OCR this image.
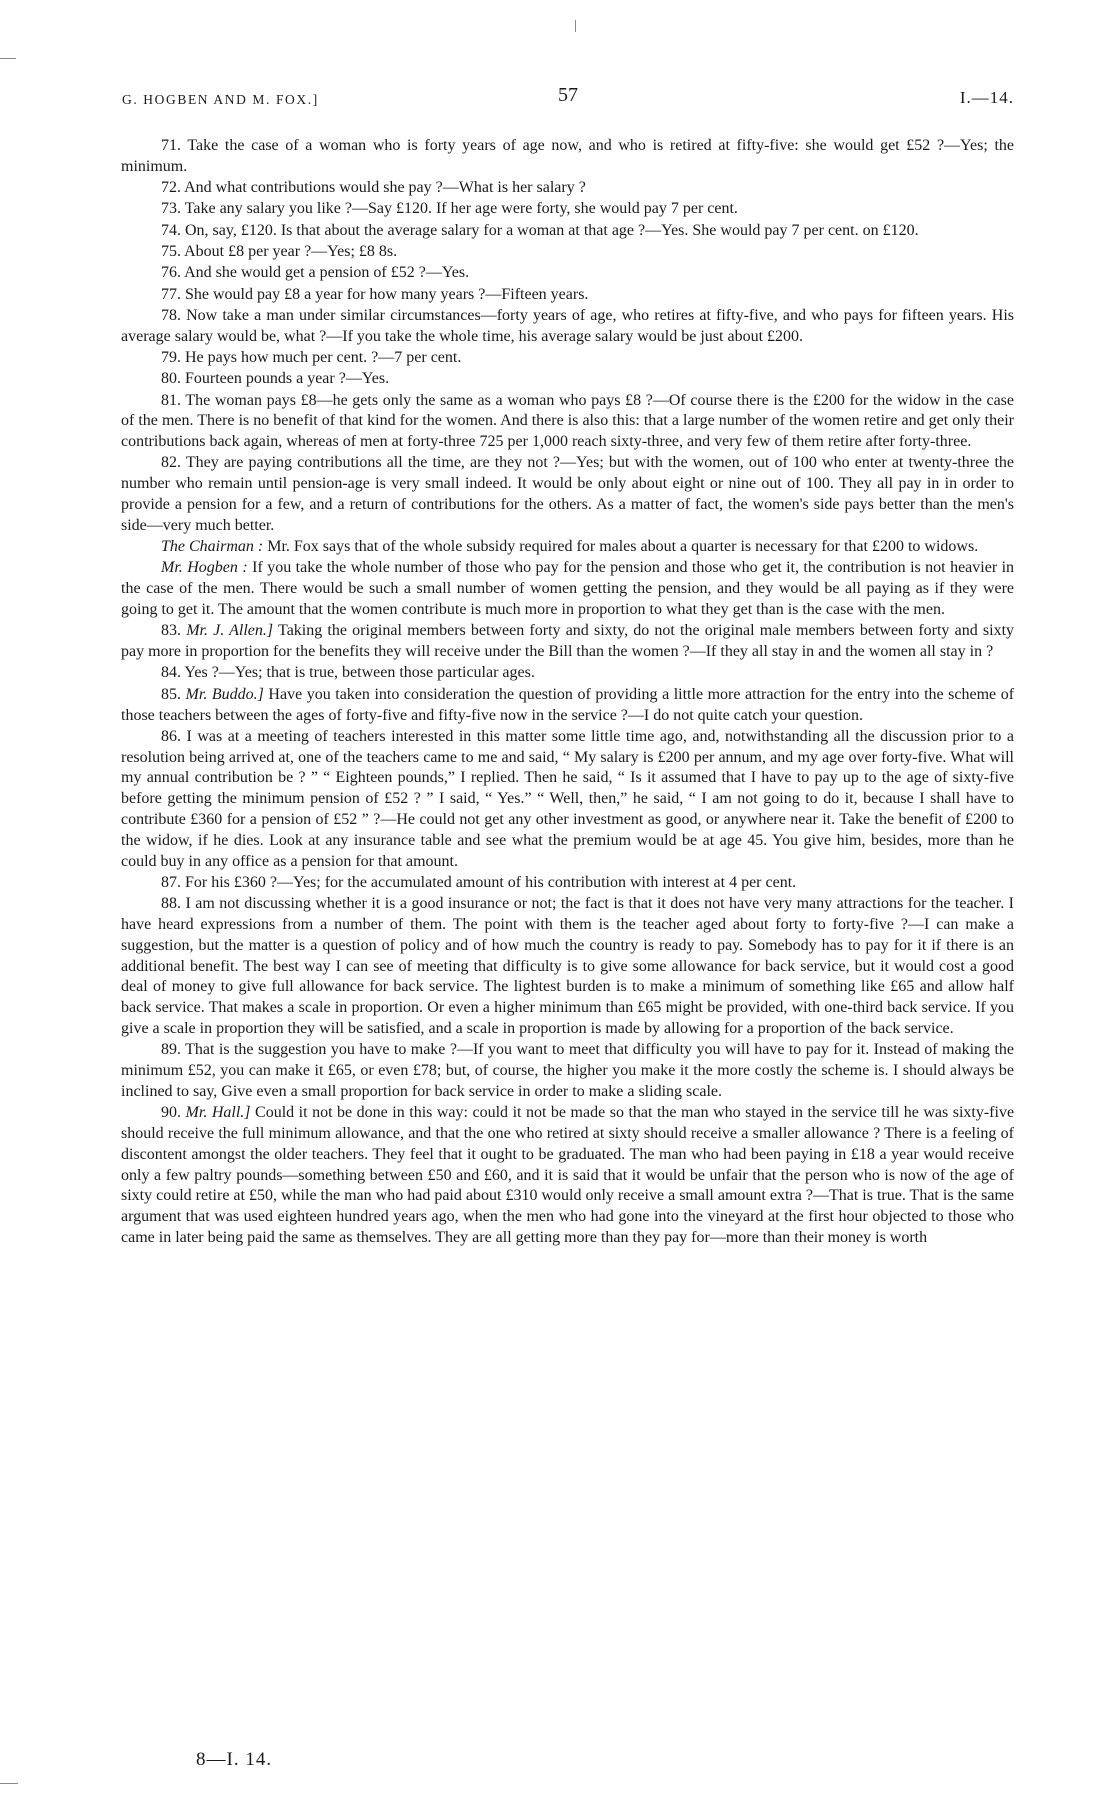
G. HOGBEN AND M. FOX.]	57	I.—14.

71. Take the case of a woman who is forty years of age now, and who is retired at fifty-five: she would get £52 ?—Yes; the minimum.

72. And what contributions would she pay ?—What is her salary ?

73. Take any salary you like ?—Say £120. If her age were forty, she would pay 7 per cent.

74. On, say, £120. Is that about the average salary for a woman at that age ?—Yes. She would pay 7 per cent. on £120.

75. About £8 per year ?—Yes; £8 8s.

76. And she would get a pension of £52 ?—Yes.

77. She would pay £8 a year for how many years ?—Fifteen years.

78. Now take a man under similar circumstances—forty years of age, who retires at fifty-five, and who pays for fifteen years. His average salary would be, what ?—If you take the whole time, his average salary would be just about £200.

79. He pays how much per cent. ?—7 per cent.

80. Fourteen pounds a year ?—Yes.

81. The woman pays £8—he gets only the same as a woman who pays £8 ?—Of course there is the £200 for the widow in the case of the men. There is no benefit of that kind for the women. And there is also this: that a large number of the women retire and get only their contributions back again, whereas of men at forty-three 725 per 1,000 reach sixty-three, and very few of them retire after forty-three.

82. They are paying contributions all the time, are they not ?—Yes; but with the women, out of 100 who enter at twenty-three the number who remain until pension-age is very small indeed. It would be only about eight or nine out of 100. They all pay in in order to provide a pension for a few, and a return of contributions for the others. As a matter of fact, the women's side pays better than the men's side—very much better.

The Chairman : Mr. Fox says that of the whole subsidy required for males about a quarter is necessary for that £200 to widows.

Mr. Hogben : If you take the whole number of those who pay for the pension and those who get it, the contribution is not heavier in the case of the men. There would be such a small number of women getting the pension, and they would be all paying as if they were going to get it. The amount that the women contribute is much more in proportion to what they get than is the case with the men.

83. Mr. J. Allen.] Taking the original members between forty and sixty, do not the original male members between forty and sixty pay more in proportion for the benefits they will receive under the Bill than the women ?—If they all stay in and the women all stay in ?

84. Yes ?—Yes; that is true, between those particular ages.

85. Mr. Buddo.] Have you taken into consideration the question of providing a little more attraction for the entry into the scheme of those teachers between the ages of forty-five and fifty-five now in the service ?—I do not quite catch your question.

86. I was at a meeting of teachers interested in this matter some little time ago, and, notwithstanding all the discussion prior to a resolution being arrived at, one of the teachers came to me and said, “ My salary is £200 per annum, and my age over forty-five. What will my annual contribution be ? ” “ Eighteen pounds,” I replied. Then he said, “ Is it assumed that I have to pay up to the age of sixty-five before getting the minimum pension of £52 ? ” I said, “ Yes.” “ Well, then,” he said, “ I am not going to do it, because I shall have to contribute £360 for a pension of £52 ” ?—He could not get any other investment as good, or anywhere near it. Take the benefit of £200 to the widow, if he dies. Look at any insurance table and see what the premium would be at age 45. You give him, besides, more than he could buy in any office as a pension for that amount.

87. For his £360 ?—Yes; for the accumulated amount of his contribution with interest at 4 per cent.

88. I am not discussing whether it is a good insurance or not; the fact is that it does not have very many attractions for the teacher. I have heard expressions from a number of them. The point with them is the teacher aged about forty to forty-five ?—I can make a suggestion, but the matter is a question of policy and of how much the country is ready to pay. Somebody has to pay for it if there is an additional benefit. The best way I can see of meeting that difficulty is to give some allowance for back service, but it would cost a good deal of money to give full allowance for back service. The lightest burden is to make a minimum of something like £65 and allow half back service. That makes a scale in proportion. Or even a higher minimum than £65 might be provided, with one-third back service. If you give a scale in proportion they will be satisfied, and a scale in proportion is made by allowing for a proportion of the back service.

89. That is the suggestion you have to make ?—If you want to meet that difficulty you will have to pay for it. Instead of making the minimum £52, you can make it £65, or even £78; but, of course, the higher you make it the more costly the scheme is. I should always be inclined to say, Give even a small proportion for back service in order to make a sliding scale.

90. Mr. Hall.] Could it not be done in this way: could it not be made so that the man who stayed in the service till he was sixty-five should receive the full minimum allowance, and that the one who retired at sixty should receive a smaller allowance ? There is a feeling of discontent amongst the older teachers. They feel that it ought to be graduated. The man who had been paying in £18 a year would receive only a few paltry pounds—something between £50 and £60, and it is said that it would be unfair that the person who is now of the age of sixty could retire at £50, while the man who had paid about £310 would only receive a small amount extra ?—That is true. That is the same argument that was used eighteen hundred years ago, when the men who had gone into the vineyard at the first hour objected to those who came in later being paid the same as themselves. They are all getting more than they pay for—more than their money is worth

8—I. 14.
